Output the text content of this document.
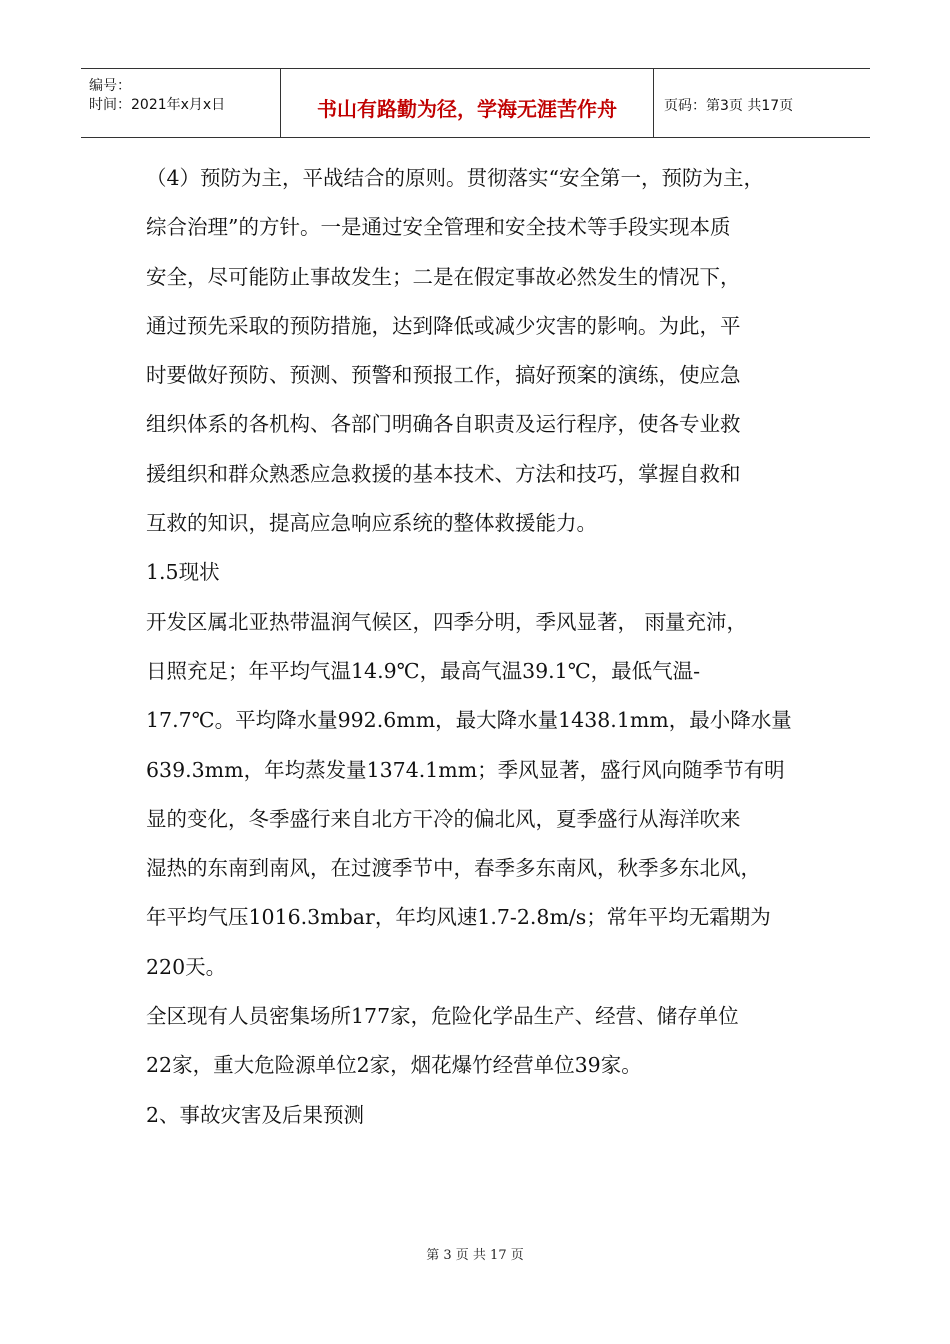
编号：
时间：2021年x月x日	书山有路勤为径，学海无涯苦作舟	页码：第3页 共17页
（4）预防为主，平战结合的原则。贯彻落实“安全第一，预防为主，
综合治理”的方针。一是通过安全管理和安全技术等手段实现本质
安全，尽可能防止事故发生；二是在假定事故必然发生的情况下，
通过预先采取的预防措施，达到降低或减少灾害的影响。为此，平
时要做好预防、预测、预警和预报工作，搞好预案的演练，使应急
组织体系的各机构、各部门明确各自职责及运行程序，使各专业救
援组织和群众熟悉应急救援的基本技术、方法和技巧，掌握自救和
互救的知识，提高应急响应系统的整体救援能力。
1.5现状
开发区属北亚热带温润气候区，四季分明，季风显著， 雨量充沛，
日照充足；年平均气温14.9℃，最高气温39.1℃，最低气温-
17.7℃。平均降水量992.6mm，最大降水量1438.1mm，最小降水量
639.3mm，年均蒸发量1374.1mm；季风显著，盛行风向随季节有明
显的变化，冬季盛行来自北方干冷的偏北风，夏季盛行从海洋吹来
湿热的东南到南风，在过渡季节中，春季多东南风，秋季多东北风，
年平均气压1016.3mbar，年均风速1.7-2.8m/s；常年平均无霜期为
220天。
全区现有人员密集场所177家，危险化学品生产、经营、储存单位
22家，重大危险源单位2家，烟花爆竹经营单位39家。
2、事故灾害及后果预测
第 3 页 共 17 页
